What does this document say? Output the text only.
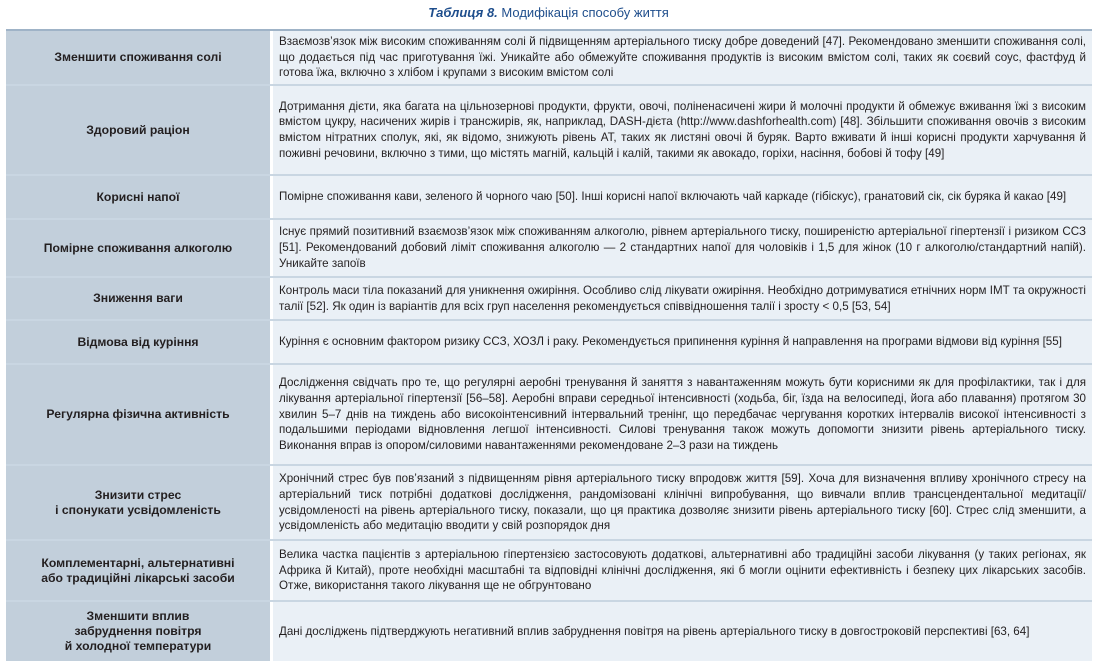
Таблиця 8. Модифікація способу життя
Зменшити споживання солі
Взаємозв’язок між високим споживанням солі й підвищенням артеріального тиску добре доведений [47]. Рекомендовано зменшити споживання солі, що додається під час приготування їжі. Уникайте або обмежуйте споживання продуктів із високим вмістом солі, таких як соєвий соус, фастфуд й готова їжа, включно з хлібом і крупами з високим вмістом солі
Здоровий раціон
Дотримання дієти, яка багата на цільнозернові продукти, фрукти, овочі, поліненасичені жири й молочні продукти й обмежує вживання їжі з високим вмістом цукру, насичених жирів і трансжирів, як, наприклад, DASH-дієта (http://www.dashforhealth.com) [48]. Збільшити споживання овочів з високим вмістом нітратних сполук, які, як відомо, знижують рівень АТ, таких як листяні овочі й буряк. Варто вживати й інші корисні продукти харчування й поживні речовини, включно з тими, що містять магній, кальцій і калій, такими як авокадо, горіхи, насіння, бобові й тофу [49]
Корисні напої	Помірне споживання кави, зеленого й чорного чаю [50]. Інші корисні напої включають чай каркаде (гібіскус), гранатовий сік, сік буряка й какао [49]
Помірне споживання алкоголю
Існує прямий позитивний взаємозв’язок між споживанням алкоголю, рівнем артеріального тиску, поширеністю артеріальної гіпертензії і ризиком ССЗ [51]. Рекомендований добовий ліміт споживання алкоголю — 2 стандартних напої для чоловіків і 1,5 для жінок (10 г алкоголю/стандартний напій). Уникайте запоїв
Зниження ваги
Контроль маси тіла показаний для уникнення ожиріння. Особливо слід лікувати ожиріння. Необхідно дотримуватися етнічних норм ІМТ та окружності талії [52]. Як один із варіантів для всіх груп населення рекомендується співвідношення талії і зросту < 0,5 [53, 54]
Відмова від куріння	Куріння є основним фактором ризику ССЗ, ХОЗЛ і раку. Рекомендується припинення куріння й направлення на програми відмови від куріння [55]
Регулярна фізична активність
Дослідження свідчать про те, що регулярні аеробні тренування й заняття з навантаженням можуть бути корисними як для профілактики, так і для лікування артеріальної гіпертензії [56–58]. Аеробні вправи середньої інтенсивності (ходьба, біг, їзда на велосипеді, йога або плавання) протягом 30 хвилин 5–7 днів на тиждень або високоінтенсивний інтервальний тренінг, що передбачає чергування коротких інтервалів високої інтенсивності з подальшими періодами відновлення легшої інтенсивності. Силові тренування також можуть допомогти знизити рівень артеріального тиску. Виконання вправ із опором/силовими навантаженнями рекомендоване 2–3 рази на тиждень
Знизити стрес
і спонукати усвідомленість
Хронічний стрес був пов’язаний з підвищенням рівня артеріального тиску впродовж життя [59]. Хоча для визначення впливу хронічного стресу на артеріальний тиск потрібні додаткові дослідження, рандомізовані клінічні випробування, що вивчали вплив трансцендентальної медитації/усвідомленості на рівень артеріального тиску, показали, що ця практика дозволяє знизити рівень артеріального тиску [60]. Стрес слід зменшити, а усвідомленість або медитацію вводити у свій розпорядок дня
Комплементарні, альтернативні
або традиційні лікарські засоби
Велика частка пацієнтів з артеріальною гіпертензією застосовують додаткові, альтернативні або традиційні засоби лікування (у таких регіонах, як Африка й Китай), проте необхідні масштабні та відповідні клінічні дослідження, які б могли оцінити ефективність і безпеку цих лікарських засобів. Отже, використання такого лікування ще не обгрунтовано
Зменшити вплив
забруднення повітря
й холодної температури
Дані досліджень підтверджують негативний вплив забруднення повітря на рівень артеріального тиску в довгостроковій перспективі [63, 64]
